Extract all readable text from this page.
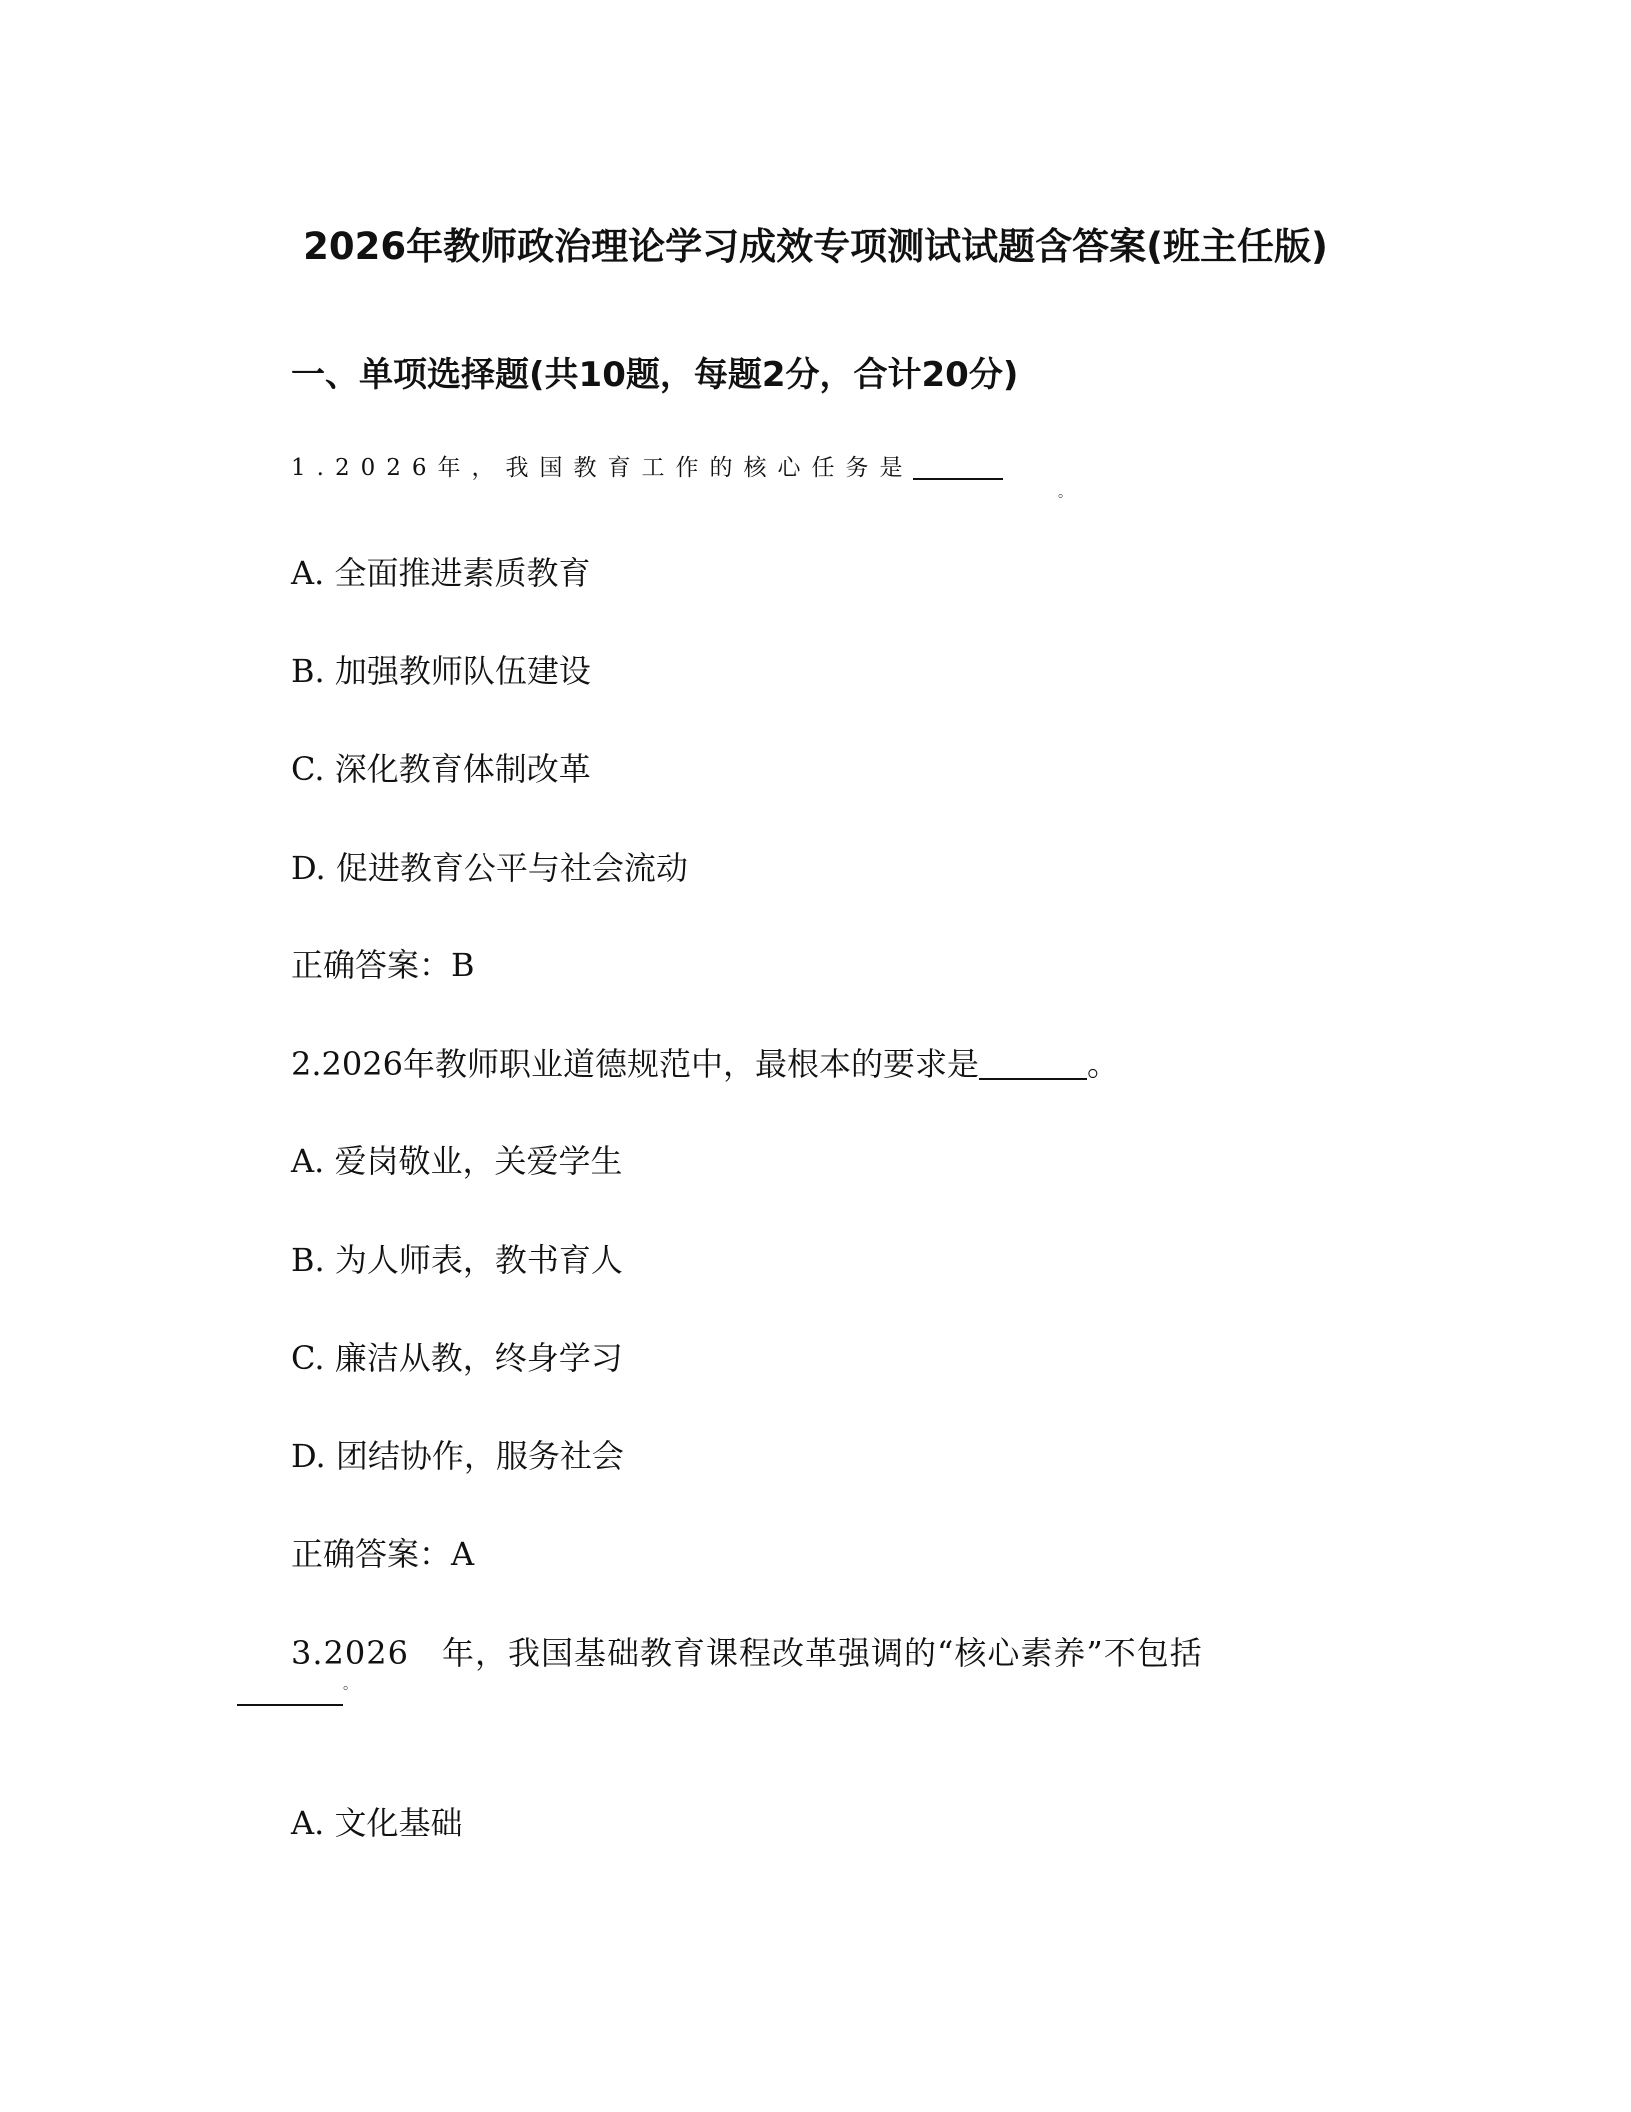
2026年教师政治理论学习成效专项测试试题含答案(班主任版)
一、单项选择题(共10题，每题2分，合计20分)
1.2026年，我国教育工作的核心任务是
。
A. 全面推进素质教育
B. 加强教师队伍建设
C. 深化教育体制改革
D. 促进教育公平与社会流动
正确答案：B
2.2026年教师职业道德规范中，最根本的要求是	。
A. 爱岗敬业，关爱学生
B. 为人师表，教书育人
C. 廉洁从教，终身学习
D. 团结协作，服务社会
正确答案：A
3.2026　年，我国基础教育课程改革强调的“核心素养”不包括
。
A. 文化基础
